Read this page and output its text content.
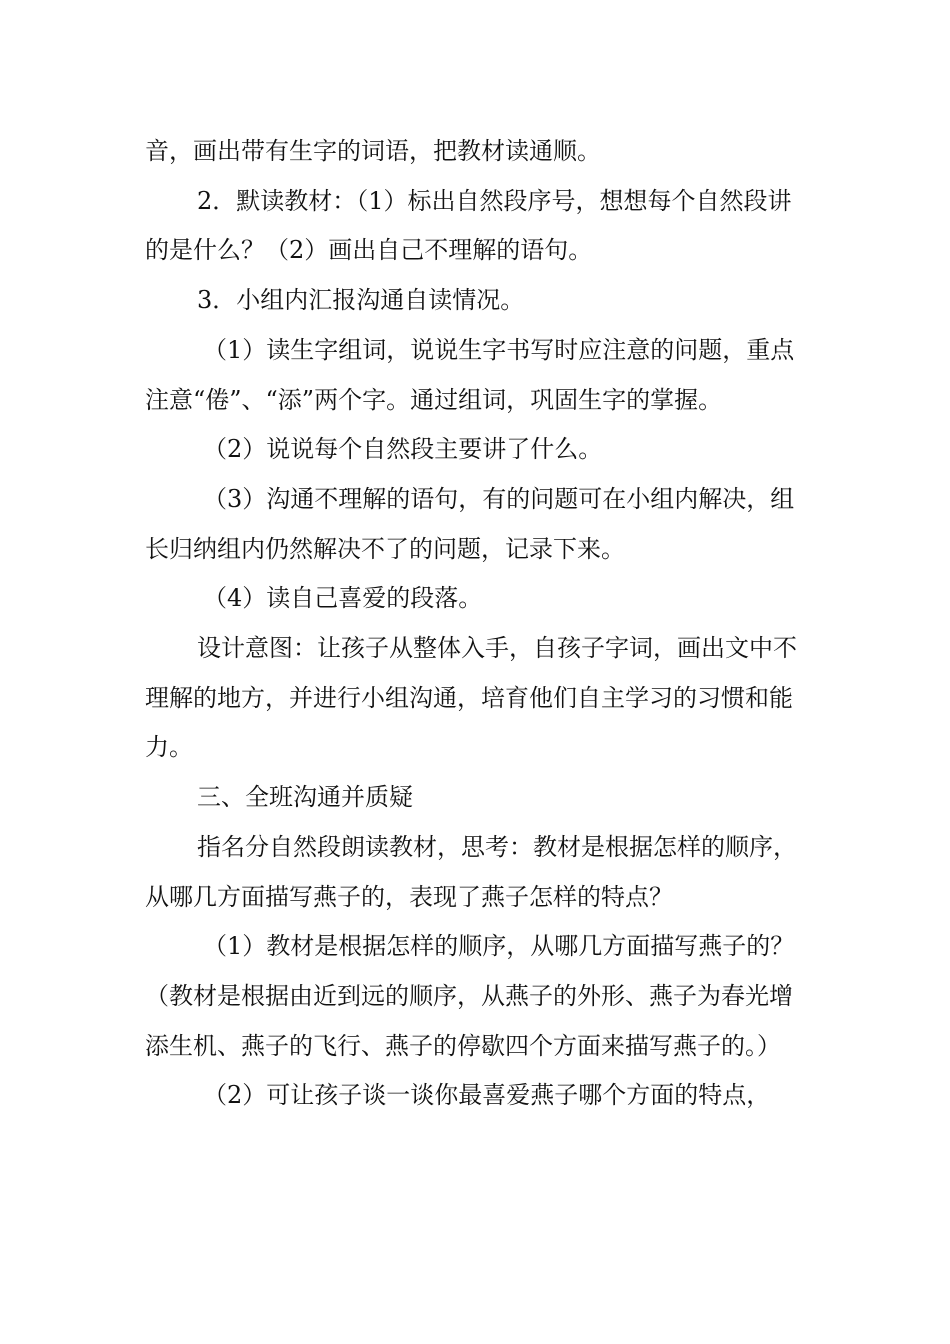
音，画出带有生字的词语，把教材读通顺。

2．默读教材：（1）标出自然段序号，想想每个自然段讲的是什么？（2）画出自己不理解的语句。

3．小组内汇报沟通自读情况。

（1）读生字组词，说说生字书写时应注意的问题，重点注意“倦”、“添”两个字。通过组词，巩固生字的掌握。

（2）说说每个自然段主要讲了什么。

（3）沟通不理解的语句，有的问题可在小组内解决，组长归纳组内仍然解决不了的问题，记录下来。

（4）读自己喜爱的段落。

设计意图：让孩子从整体入手，自孩子字词，画出文中不理解的地方，并进行小组沟通，培育他们自主学习的习惯和能力。

三、全班沟通并质疑

指名分自然段朗读教材，思考：教材是根据怎样的顺序，从哪几方面描写燕子的，表现了燕子怎样的特点？

（1）教材是根据怎样的顺序，从哪几方面描写燕子的？（教材是根据由近到远的顺序，从燕子的外形、燕子为春光增添生机、燕子的飞行、燕子的停歇四个方面来描写燕子的。）

（2）可让孩子谈一谈你最喜爱燕子哪个方面的特点，
